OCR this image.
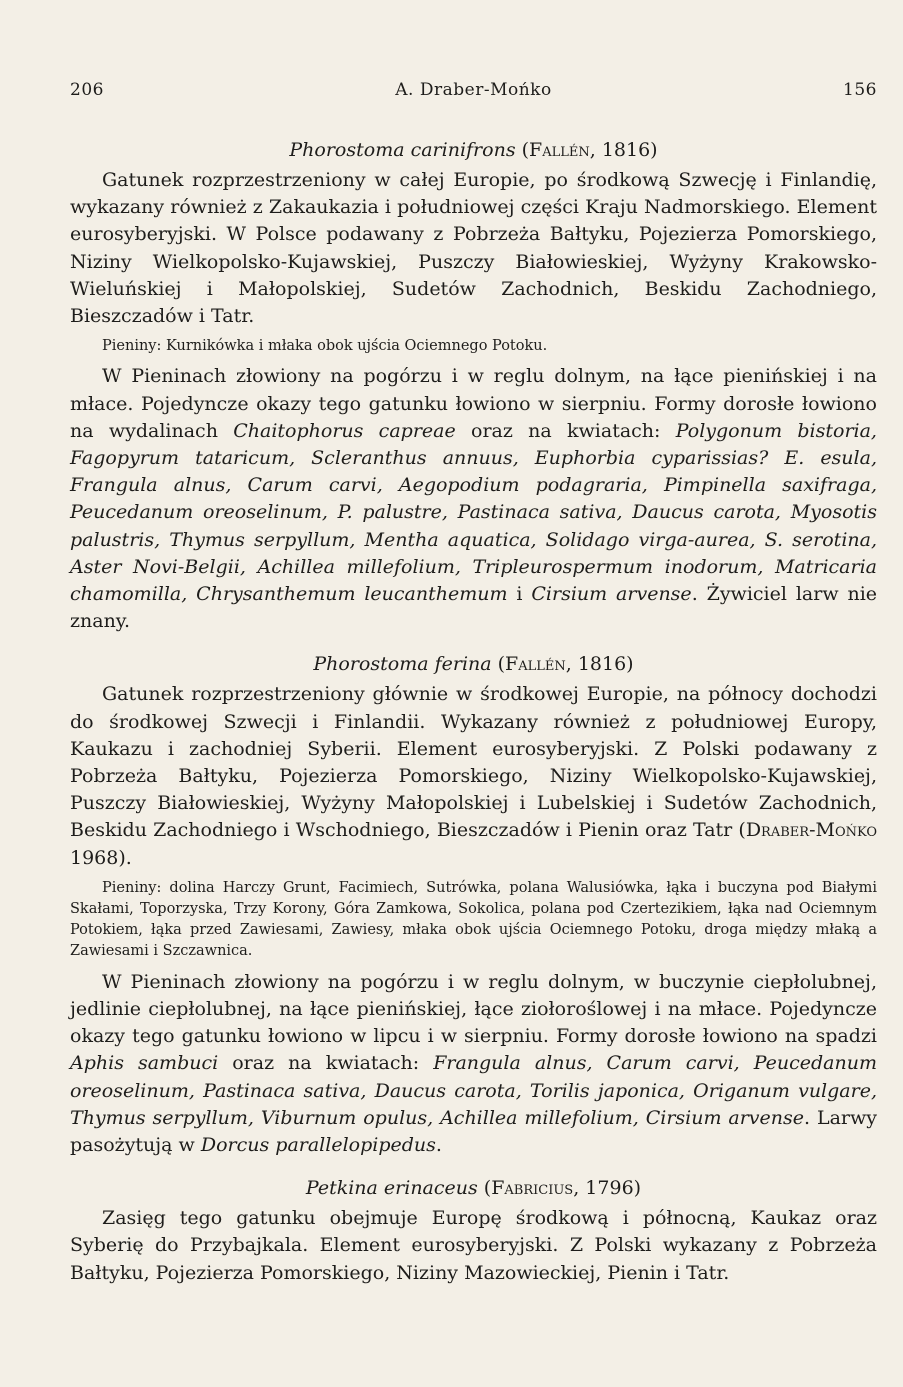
206	A. Draber-Mońko	156
Phorostoma carinifrons (Fallén, 1816)

Gatunek rozprzestrzeniony w całej Europie, po środkową Szwecję i Finlandię, wykazany również z Zakaukazia i południowej części Kraju Nadmorskiego. Element eurosyberyjski. W Polsce podawany z Pobrzeża Bałtyku, Pojezierza Pomorskiego, Niziny Wielkopolsko-Kujawskiej, Puszczy Białowieskiej, Wyżyny Krakowsko-Wieluńskiej i Małopolskiej, Sudetów Zachodnich, Beskidu Zachodniego, Bieszczadów i Tatr.

Pieniny: Kurnikówka i młaka obok ujścia Ociemnego Potoku.

W Pieninach złowiony na pogórzu i w reglu dolnym, na łące pienińskiej i na młace. Pojedyncze okazy tego gatunku łowiono w sierpniu. Formy dorosłe łowiono na wydalinach Chaitophorus capreae oraz na kwiatach: Polygonum bistoria, Fagopyrum tataricum, Scleranthus annuus, Euphorbia cyparissias? E. esula, Frangula alnus, Carum carvi, Aegopodium podagraria, Pimpinella saxifraga, Peucedanum oreoselinum, P. palustre, Pastinaca sativa, Daucus carota, Myosotis palustris, Thymus serpyllum, Mentha aquatica, Solidago virga-aurea, S. serotina, Aster Novi-Belgii, Achillea millefolium, Tripleurospermum inodorum, Matricaria chamomilla, Chrysanthemum leucanthemum i Cirsium arvense. Żywiciel larw nie znany.

Phorostoma ferina (Fallén, 1816)

Gatunek rozprzestrzeniony głównie w środkowej Europie, na północy dochodzi do środkowej Szwecji i Finlandii. Wykazany również z południowej Europy, Kaukazu i zachodniej Syberii. Element eurosyberyjski. Z Polski podawany z Pobrzeża Bałtyku, Pojezierza Pomorskiego, Niziny Wielkopolsko-Kujawskiej, Puszczy Białowieskiej, Wyżyny Małopolskiej i Lubelskiej i Sudetów Zachodnich, Beskidu Zachodniego i Wschodniego, Bieszczadów i Pienin oraz Tatr (Draber-Mońko 1968).

Pieniny: dolina Harczy Grunt, Facimiech, Sutrówka, polana Walusiówka, łąka i buczyna pod Białymi Skałami, Toporzyska, Trzy Korony, Góra Zamkowa, Sokolica, polana pod Czertezikiem, łąka nad Ociemnym Potokiem, łąka przed Zawiesami, Zawiesy, młaka obok ujścia Ociemnego Potoku, droga między młaką a Zawiesami i Szczawnica.

W Pieninach złowiony na pogórzu i w reglu dolnym, w buczynie ciepłolubnej, jedlinie ciepłolubnej, na łące pienińskiej, łące ziołoroślowej i na młace. Pojedyncze okazy tego gatunku łowiono w lipcu i w sierpniu. Formy dorosłe łowiono na spadzi Aphis sambuci oraz na kwiatach: Frangula alnus, Carum carvi, Peucedanum oreoselinum, Pastinaca sativa, Daucus carota, Torilis japonica, Origanum vulgare, Thymus serpyllum, Viburnum opulus, Achillea millefolium, Cirsium arvense. Larwy pasożytują w Dorcus parallelopipedus.

Petkina erinaceus (Fabricius, 1796)

Zasięg tego gatunku obejmuje Europę środkową i północną, Kaukaz oraz Syberię do Przybajkala. Element eurosyberyjski. Z Polski wykazany z Pobrzeża Bałtyku, Pojezierza Pomorskiego, Niziny Mazowieckiej, Pienin i Tatr.
